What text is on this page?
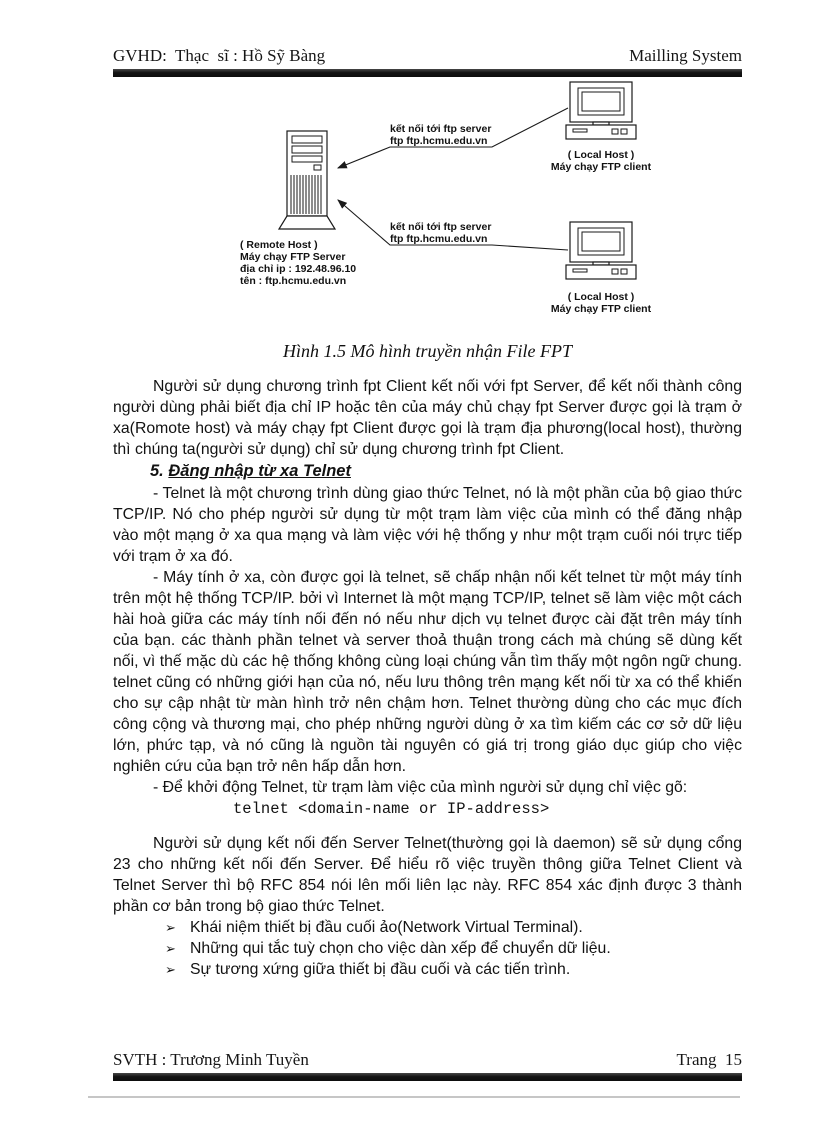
GVHD:  Thạc  sĩ : Hồ Sỹ Bàng	Mailling System
kết nối tới ftp server
ftp ftp.hcmu.edu.vn
kết nối tới ftp server
ftp ftp.hcmu.edu.vn
( Remote Host )
Máy chạy FTP Server
địa chỉ ip : 192.48.96.10
tên : ftp.hcmu.edu.vn
( Local Host )
Máy chạy FTP client
( Local Host )
Máy chạy FTP client
Hình 1.5 Mô hình truyền nhận File FPT

Người sử dụng chương trình fpt Client kết nối với fpt Server, để kết nối thành công người dùng phải biết địa chỉ IP hoặc tên của máy chủ chạy fpt Server được gọi là trạm ở xa(Romote host) và máy chạy fpt Client được gọi là trạm địa phương(local host), thường thì chúng ta(người sử dụng) chỉ sử dụng chương trình fpt Client.

5. Đăng nhập từ xa Telnet

- Telnet là một chương trình dùng giao thức Telnet, nó là một phần của bộ giao thức TCP/IP. Nó cho phép người sử dụng từ một trạm làm việc của mình có thể đăng nhập vào một mạng ở xa qua mạng và làm việc với hệ thống y như một trạm cuối nói trực tiếp với trạm ở xa đó.

- Máy tính ở xa, còn được gọi là telnet, sẽ chấp nhận nối kết telnet từ một máy tính trên một hệ thống TCP/IP. bởi vì Internet là một mạng TCP/IP, telnet sẽ làm việc một cách hài hoà giữa các máy tính nối đến nó nếu như dịch vụ telnet được cài đặt trên máy tính của bạn. các thành phần telnet và server thoả thuận trong cách mà chúng sẽ dùng kết nối, vì thế mặc dù các hệ thống không cùng loại chúng vẫn tìm thấy một ngôn ngữ chung. telnet cũng có những giới hạn của nó, nếu lưu thông trên mạng kết nối từ xa có thể khiến cho sự cập nhật từ màn hình trở nên chậm hơn. Telnet thường dùng cho các mục đích công cộng và thương mại, cho phép những người dùng ở xa tìm kiếm các cơ sở dữ liệu lớn, phức tạp, và nó cũng là nguồn tài nguyên có giá trị trong giáo dục giúp cho việc nghiên cứu của bạn trở nên hấp dẫn hơn.

- Để khởi động Telnet, từ trạm làm việc của mình người sử dụng chỉ việc gõ:

telnet <domain-name or IP-address>

Người sử dụng kết nối đến Server Telnet(thường gọi là daemon) sẽ sử dụng cổng 23 cho những kết nối đến Server. Để hiểu rõ việc truyền thông giữa Telnet Client và Telnet Server thì bộ RFC 854 nói lên mối liên lạc này. RFC 854 xác định được 3 thành phần cơ bản trong bộ giao thức Telnet.

➢ Khái niệm thiết bị đầu cuối ảo(Network Virtual Terminal).
➢ Những qui tắc tuỳ chọn cho việc dàn xếp để chuyển dữ liệu.
➢ Sự tương xứng giữa thiết bị đầu cuối và các tiến trình.
SVTH : Trương Minh Tuyền	Trang  15
